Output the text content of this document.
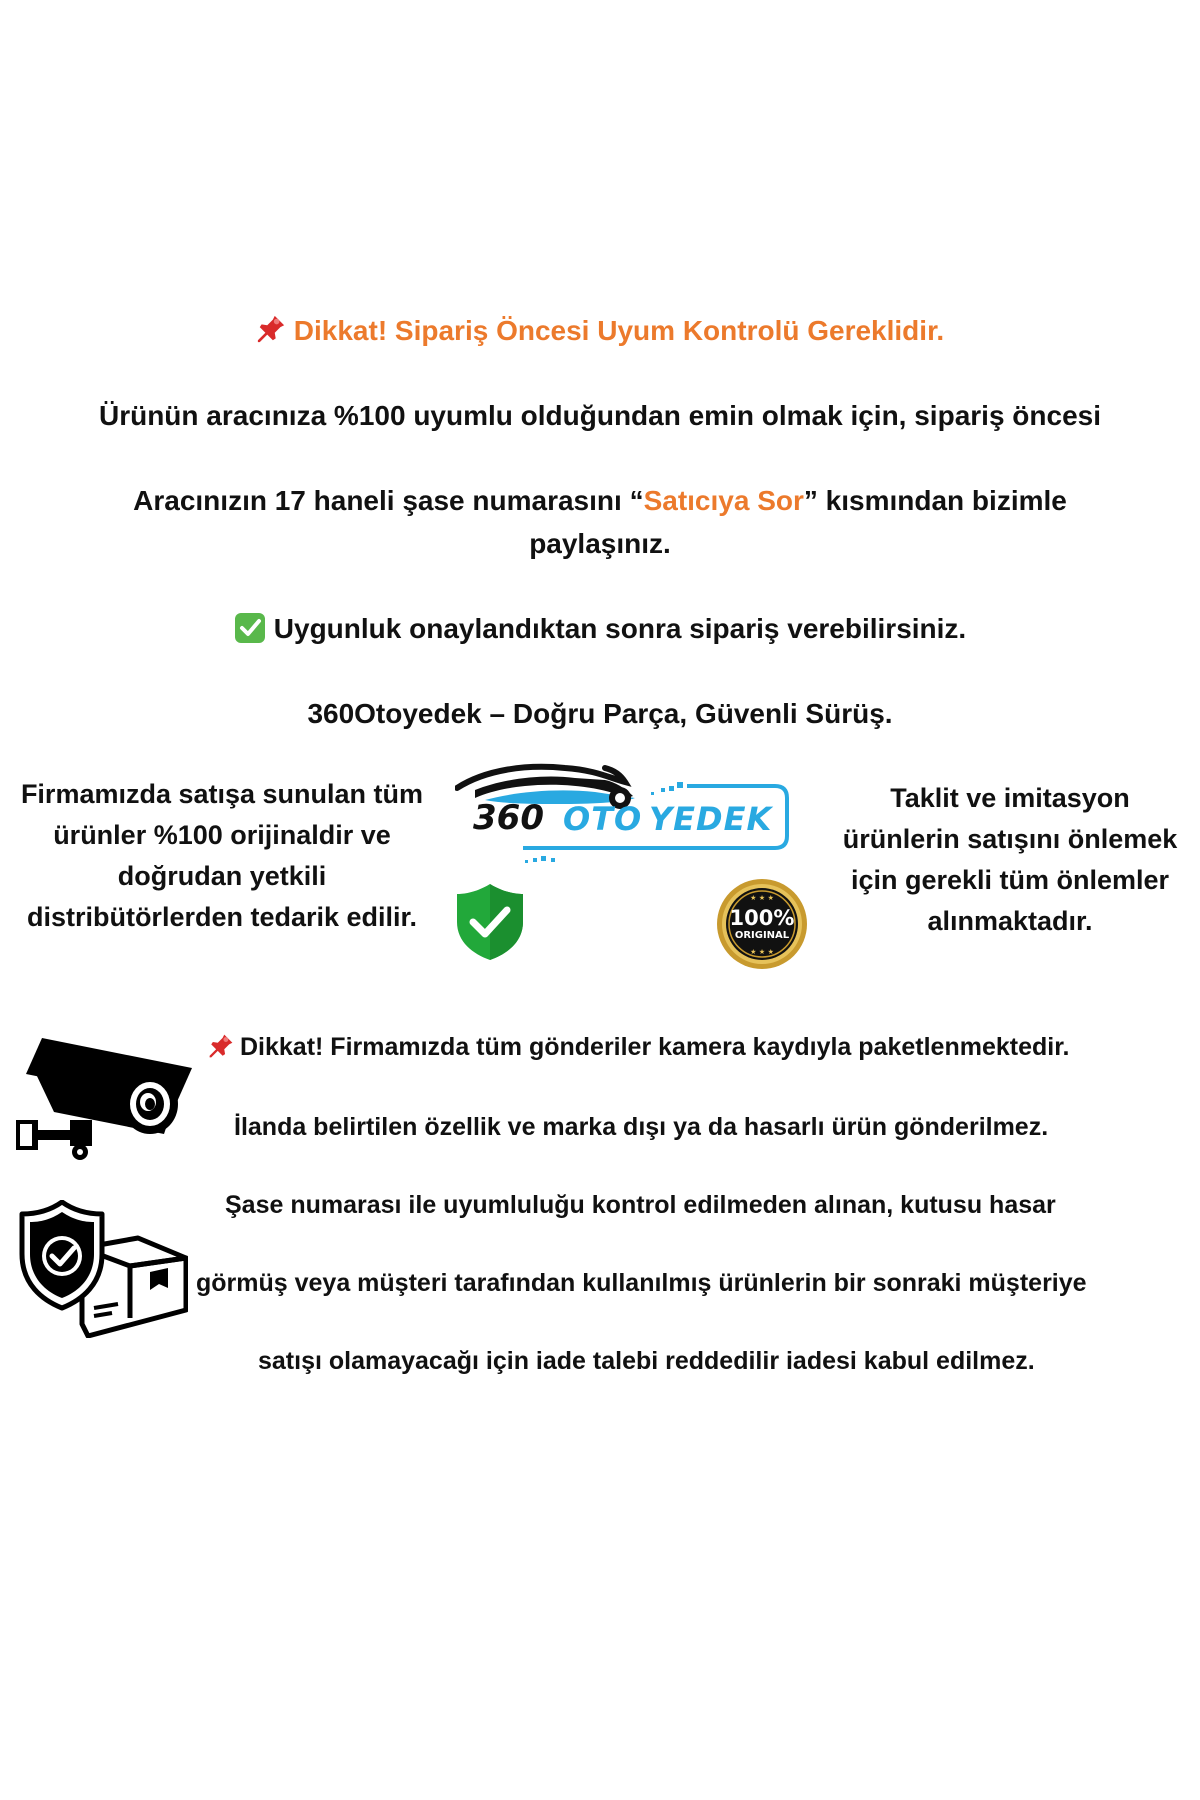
Dikkat! Sipariş Öncesi Uyum Kontrolü Gereklidir.
Ürünün aracınıza %100 uyumlu olduğundan emin olmak için, sipariş öncesi
Aracınızın 17 haneli şase numarasını “Satıcıya Sor” kısmından bizimle
paylaşınız.
Uygunluk onaylandıktan sonra sipariş verebilirsiniz.
360Otoyedek – Doğru Parça, Güvenli Sürüş.
Firmamızda satışa sunulan tüm
ürünler %100 orijinaldir ve
doğrudan yetkili
distribütörlerden tedarik edilir.
Taklit ve imitasyon
ürünlerin satışını önlemek
için gerekli tüm önlemler
alınmaktadır.
360 OTO YEDEK
★ ★ ★
★ ★ ★
100%
ORIGINAL
Dikkat! Firmamızda tüm gönderiler kamera kaydıyla paketlenmektedir.
İlanda belirtilen özellik ve marka dışı ya da hasarlı ürün gönderilmez.
Şase numarası ile uyumluluğu kontrol edilmeden alınan, kutusu hasar
görmüş veya müşteri tarafından kullanılmış ürünlerin bir sonraki müşteriye
satışı olamayacağı için iade talebi reddedilir iadesi kabul edilmez.
